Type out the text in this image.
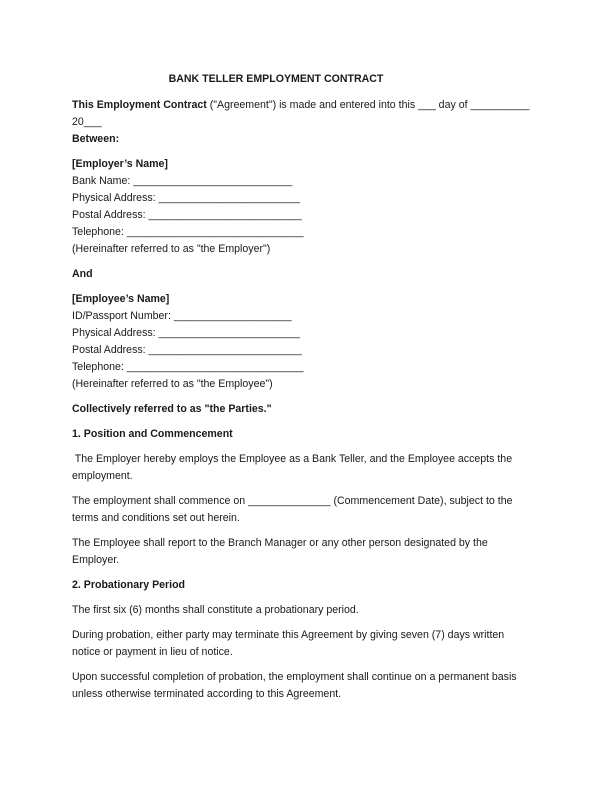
BANK TELLER EMPLOYMENT CONTRACT
This Employment Contract ("Agreement") is made and entered into this ___ day of __________
20___
Between:
[Employer’s Name]
Bank Name: ___________________________
Physical Address: ________________________
Postal Address: __________________________
Telephone: ______________________________
(Hereinafter referred to as "the Employer")
And
[Employee’s Name]
ID/Passport Number: ____________________
Physical Address: ________________________
Postal Address: __________________________
Telephone: ______________________________
(Hereinafter referred to as "the Employee")
Collectively referred to as "the Parties."
1. Position and Commencement
The Employer hereby employs the Employee as a Bank Teller, and the Employee accepts the
employment.
The employment shall commence on ______________ (Commencement Date), subject to the
terms and conditions set out herein.
The Employee shall report to the Branch Manager or any other person designated by the
Employer.
2. Probationary Period
The first six (6) months shall constitute a probationary period.
During probation, either party may terminate this Agreement by giving seven (7) days written
notice or payment in lieu of notice.
Upon successful completion of probation, the employment shall continue on a permanent basis
unless otherwise terminated according to this Agreement.
